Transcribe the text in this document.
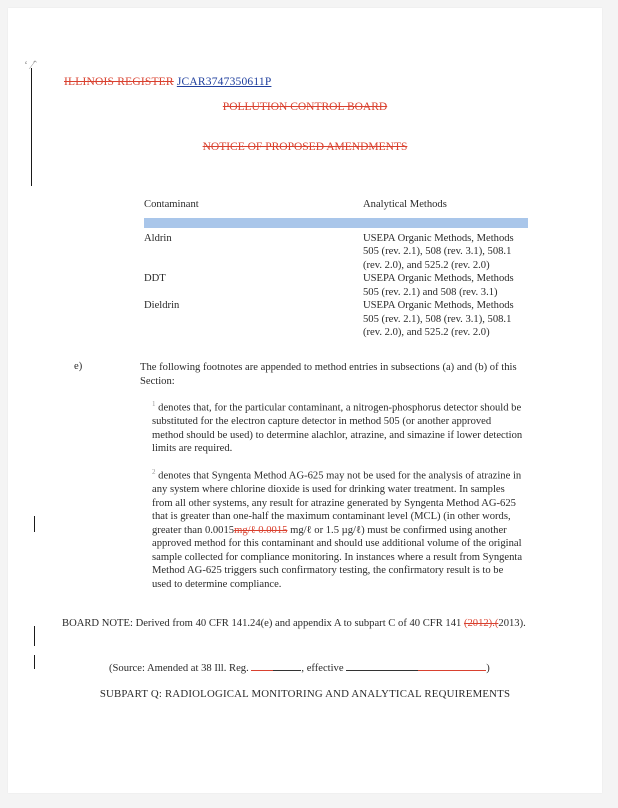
ʻ ⁄ˆ
ILLINOIS REGISTER JCAR3747350611P
POLLUTION CONTROL BOARD
NOTICE OF PROPOSED AMENDMENTS
Contaminant	Analytical Methods

Aldrin	USEPA Organic Methods, Methods 505 (rev. 2.1), 508 (rev. 3.1), 508.1 (rev. 2.0), and 525.2 (rev. 2.0)
DDT	USEPA Organic Methods, Methods 505 (rev. 2.1) and 508 (rev. 3.1)
Dieldrin	USEPA Organic Methods, Methods 505 (rev. 2.1), 508 (rev. 3.1), 508.1 (rev. 2.0), and 525.2 (rev. 2.0)
e)	The following footnotes are appended to method entries in subsections (a) and (b) of this Section:
$^1$ denotes that, for the particular contaminant, a nitrogen-phosphorus detector should be substituted for the electron capture detector in method 505 (or another approved method should be used) to determine alachlor, atrazine, and simazine if lower detection limits are required.
$^2$ denotes that Syngenta Method AG-625 may not be used for the analysis of atrazine in any system where chlorine dioxide is used for drinking water treatment. In samples from all other systems, any result for atrazine generated by Syngenta Method AG-625 that is greater than one-half the maximum contaminant level (MCL) (in other words, greater than 0.0015mg/ℓ 0.0015 mg/ℓ or 1.5 µg/ℓ) must be confirmed using another approved method for this contaminant and should use additional volume of the original sample collected for compliance monitoring. In instances where a result from Syngenta Method AG-625 triggers such confirmatory testing, the confirmatory result is to be used to determine compliance.
BOARD NOTE: Derived from 40 CFR 141.24(e) and appendix A to subpart C of 40 CFR 141 (2012).(2013).
(Source: Amended at 38 Ill. Reg.	, effective	)
SUBPART Q: RADIOLOGICAL MONITORING AND ANALYTICAL REQUIREMENTS
